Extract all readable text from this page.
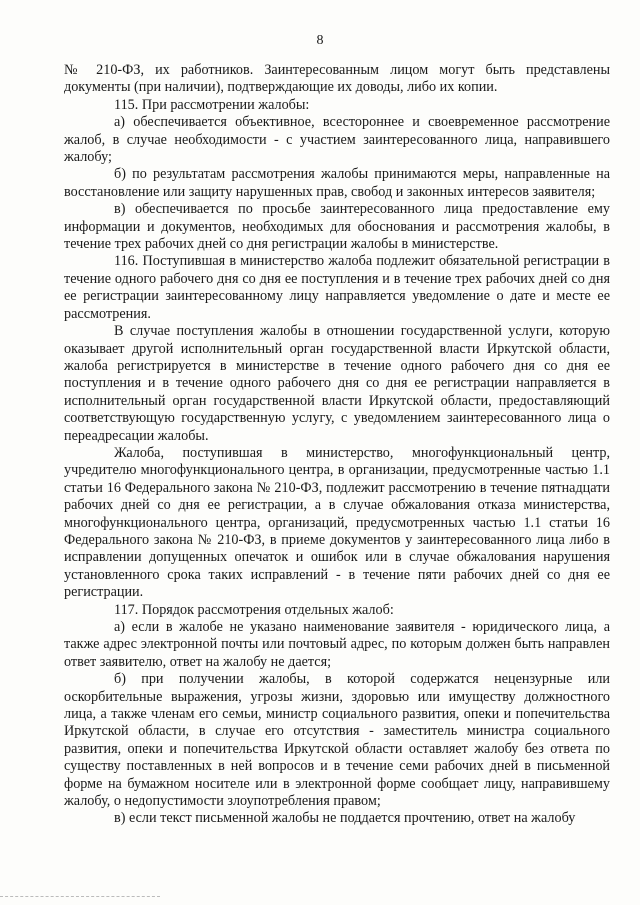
8

№ 210-ФЗ, их работников. Заинтересованным лицом могут быть представлены документы (при наличии), подтверждающие их доводы, либо их копии.

115. При рассмотрении жалобы:

а) обеспечивается объективное, всестороннее и своевременное рассмотрение жалоб, в случае необходимости - с участием заинтересованного лица, направившего жалобу;

б) по результатам рассмотрения жалобы принимаются меры, направленные на восстановление или защиту нарушенных прав, свобод и законных интересов заявителя;

в) обеспечивается по просьбе заинтересованного лица предоставление ему информации и документов, необходимых для обоснования и рассмотрения жалобы, в течение трех рабочих дней со дня регистрации жалобы в министерстве.

116. Поступившая в министерство жалоба подлежит обязательной регистрации в течение одного рабочего дня со дня ее поступления и в течение трех рабочих дней со дня ее регистрации заинтересованному лицу направляется уведомление о дате и месте ее рассмотрения.

В случае поступления жалобы в отношении государственной услуги, которую оказывает другой исполнительный орган государственной власти Иркутской области, жалоба регистрируется в министерстве в течение одного рабочего дня со дня ее поступления и в течение одного рабочего дня со дня ее регистрации направляется в исполнительный орган государственной власти Иркутской области, предоставляющий соответствующую государственную услугу, с уведомлением заинтересованного лица о переадресации жалобы.

Жалоба, поступившая в министерство, многофункциональный центр, учредителю многофункционального центра, в организации, предусмотренные частью 1.1 статьи 16 Федерального закона № 210-ФЗ, подлежит рассмотрению в течение пятнадцати рабочих дней со дня ее регистрации, а в случае обжалования отказа министерства, многофункционального центра, организаций, предусмотренных частью 1.1 статьи 16 Федерального закона № 210-ФЗ, в приеме документов у заинтересованного лица либо в исправлении допущенных опечаток и ошибок или в случае обжалования нарушения установленного срока таких исправлений - в течение пяти рабочих дней со дня ее регистрации.

117. Порядок рассмотрения отдельных жалоб:

а) если в жалобе не указано наименование заявителя - юридического лица, а также адрес электронной почты или почтовый адрес, по которым должен быть направлен ответ заявителю, ответ на жалобу не дается;

б) при получении жалобы, в которой содержатся нецензурные или оскорбительные выражения, угрозы жизни, здоровью или имуществу должностного лица, а также членам его семьи, министр социального развития, опеки и попечительства Иркутской области, в случае его отсутствия - заместитель министра социального развития, опеки и попечительства Иркутской области оставляет жалобу без ответа по существу поставленных в ней вопросов и в течение семи рабочих дней в письменной форме на бумажном носителе или в электронной форме сообщает лицу, направившему жалобу, о недопустимости злоупотребления правом;

в) если текст письменной жалобы не поддается прочтению, ответ на жалобу
